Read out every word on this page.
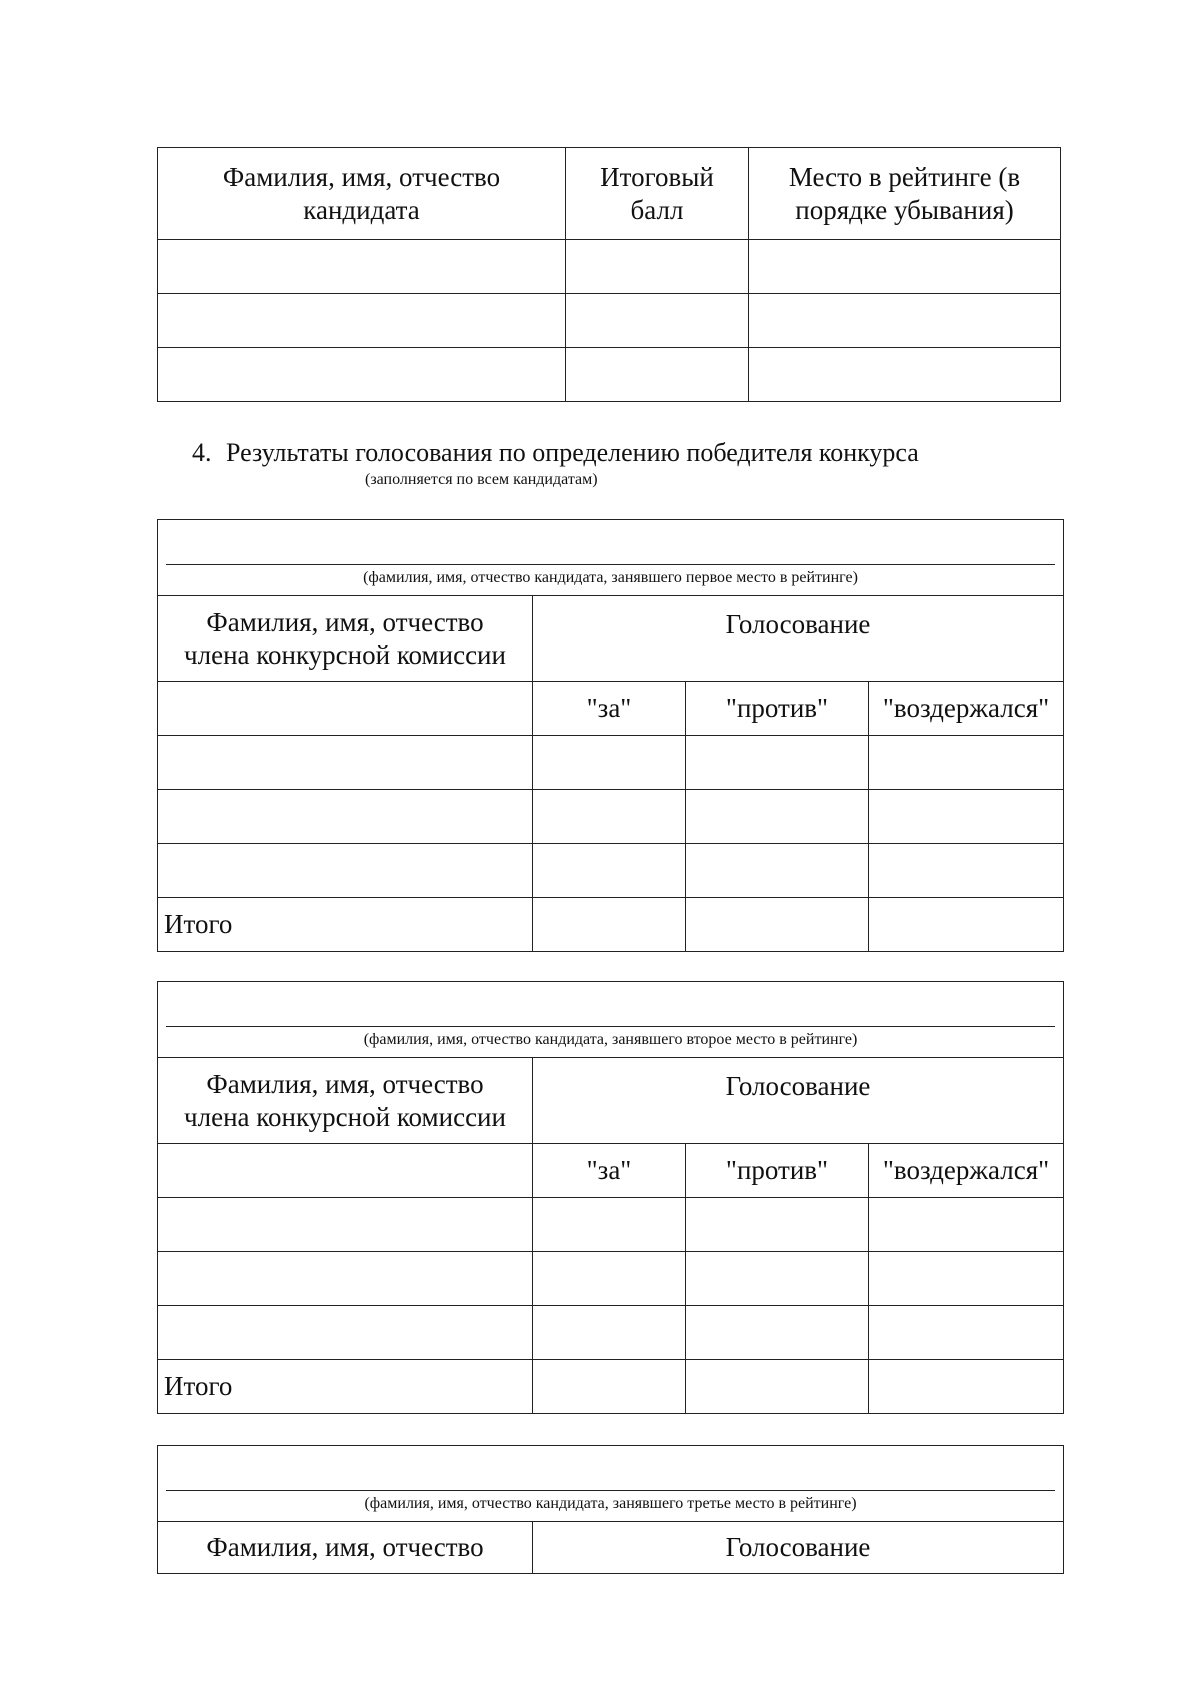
Фамилия, имя, отчество кандидата	Итоговый балл	Место в рейтинге (в порядке убывания)

4. Результаты голосования по определению победителя конкурса
(заполняется по всем кандидатам)
(фамилия, имя, отчество кандидата, занявшего первое место в рейтинге)			

Фамилия, имя, отчество члена конкурсной комиссии	Голосование		
	"за"	"против"	"воздержался"

Итого			
(фамилия, имя, отчество кандидата, занявшего второе место в рейтинге)			

Фамилия, имя, отчество члена конкурсной комиссии	Голосование		
	"за"	"против"	"воздержался"

Итого			
(фамилия, имя, отчество кандидата, занявшего третье место в рейтинге)

Фамилия, имя, отчество	Голосование
